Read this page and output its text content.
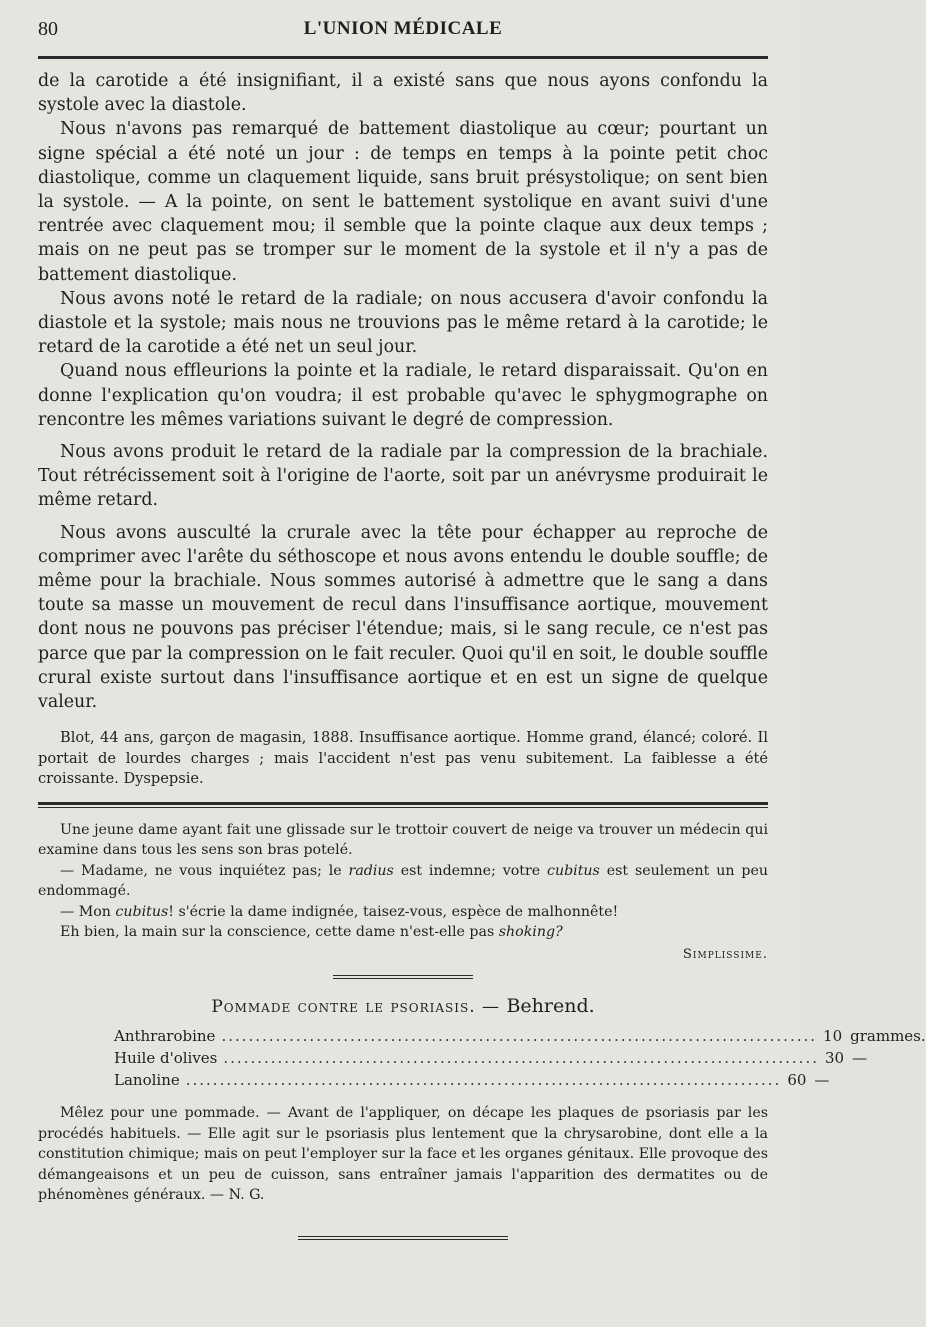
80	L'UNION MÉDICALE

de la carotide a été insignifiant, il a existé sans que nous ayons confondu la systole avec la diastole.

Nous n'avons pas remarqué de battement diastolique au cœur; pourtant un signe spécial a été noté un jour : de temps en temps à la pointe petit choc diastolique, comme un claquement liquide, sans bruit présystolique; on sent bien la systole. — A la pointe, on sent le battement systolique en avant suivi d'une rentrée avec claquement mou; il semble que la pointe claque aux deux temps ; mais on ne peut pas se tromper sur le moment de la systole et il n'y a pas de battement diastolique.

Nous avons noté le retard de la radiale; on nous accusera d'avoir confondu la diastole et la systole; mais nous ne trouvions pas le même retard à la carotide; le retard de la carotide a été net un seul jour.

Quand nous effleurions la pointe et la radiale, le retard disparaissait. Qu'on en donne l'explication qu'on voudra; il est probable qu'avec le sphygmographe on rencontre les mêmes variations suivant le degré de compression.

Nous avons produit le retard de la radiale par la compression de la brachiale. Tout rétrécissement soit à l'origine de l'aorte, soit par un anévrysme produirait le même retard.

Nous avons ausculté la crurale avec la tête pour échapper au reproche de comprimer avec l'arête du séthoscope et nous avons entendu le double souffle; de même pour la brachiale. Nous sommes autorisé à admettre que le sang a dans toute sa masse un mouvement de recul dans l'insuffisance aortique, mouvement dont nous ne pouvons pas préciser l'étendue; mais, si le sang recule, ce n'est pas parce que par la compression on le fait reculer. Quoi qu'il en soit, le double souffle crural existe surtout dans l'insuffisance aortique et en est un signe de quelque valeur.

Blot, 44 ans, garçon de magasin, 1888. Insuffisance aortique. Homme grand, élancé; coloré. Il portait de lourdes charges ; mais l'accident n'est pas venu subitement. La faiblesse a été croissante. Dyspepsie.

Une jeune dame ayant fait une glissade sur le trottoir couvert de neige va trouver un médecin qui examine dans tous les sens son bras potelé.

— Madame, ne vous inquiétez pas; le radius est indemne; votre cubitus est seulement un peu endommagé.

— Mon cubitus! s'écrie la dame indignée, taisez-vous, espèce de malhonnête!

Eh bien, la main sur la conscience, cette dame n'est-elle pas shoking?

Simplissime.
Pommade contre le psoriasis. — Behrend.
Anthrarobine ........................................................................................ 10 grammes.
Huile d'olives ........................................................................................ 30 —
Lanoline ........................................................................................ 60 —

Mêlez pour une pommade. — Avant de l'appliquer, on décape les plaques de psoriasis par les procédés habituels. — Elle agit sur le psoriasis plus lentement que la chrysarobine, dont elle a la constitution chimique; mais on peut l'employer sur la face et les organes génitaux. Elle provoque des démangeaisons et un peu de cuisson, sans entraîner jamais l'apparition des dermatites ou de phénomènes généraux. — N. G.
